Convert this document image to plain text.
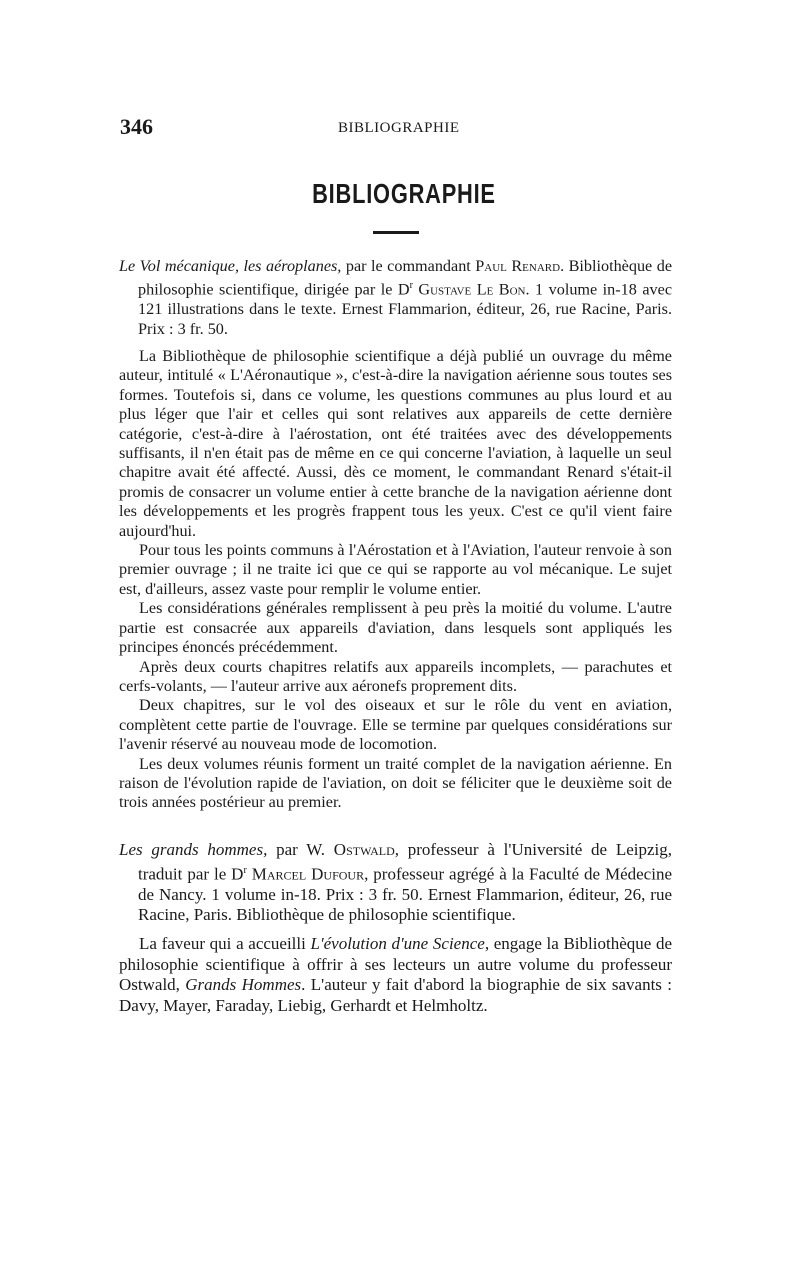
346	BIBLIOGRAPHIE
BIBLIOGRAPHIE

Le Vol mécanique, les aéroplanes, par le commandant Paul Renard. Bibliothèque de philosophie scientifique, dirigée par le $D^r$ Gustave Le Bon. 1 volume in-18 avec 121 illustrations dans le texte. Ernest Flammarion, éditeur, 26, rue Racine, Paris. Prix : 3 fr. 50.

La Bibliothèque de philosophie scientifique a déjà publié un ouvrage du même auteur, intitulé « L'Aéronautique », c'est-à-dire la navigation aérienne sous toutes ses formes. Toutefois si, dans ce volume, les questions communes au plus lourd et au plus léger que l'air et celles qui sont relatives aux appareils de cette dernière catégorie, c'est-à-dire à l'aérostation, ont été traitées avec des développements suffisants, il n'en était pas de même en ce qui concerne l'aviation, à laquelle un seul chapitre avait été affecté. Aussi, dès ce moment, le commandant Renard s'était-il promis de consacrer un volume entier à cette branche de la navigation aérienne dont les développements et les progrès frappent tous les yeux. C'est ce qu'il vient faire aujourd'hui.

Pour tous les points communs à l'Aérostation et à l'Aviation, l'auteur renvoie à son premier ouvrage ; il ne traite ici que ce qui se rapporte au vol mécanique. Le sujet est, d'ailleurs, assez vaste pour remplir le volume entier.

Les considérations générales remplissent à peu près la moitié du volume. L'autre partie est consacrée aux appareils d'aviation, dans lesquels sont appliqués les principes énoncés précédemment.

Après deux courts chapitres relatifs aux appareils incomplets, — parachutes et cerfs-volants, — l'auteur arrive aux aéronefs proprement dits.

Deux chapitres, sur le vol des oiseaux et sur le rôle du vent en aviation, complètent cette partie de l'ouvrage. Elle se termine par quelques considérations sur l'avenir réservé au nouveau mode de locomotion.

Les deux volumes réunis forment un traité complet de la navigation aérienne. En raison de l'évolution rapide de l'aviation, on doit se féliciter que le deuxième soit de trois années postérieur au premier.

Les grands hommes, par W. Ostwald, professeur à l'Université de Leipzig, traduit par le $D^r$ Marcel Dufour, professeur agrégé à la Faculté de Médecine de Nancy. 1 volume in-18. Prix : 3 fr. 50. Ernest Flammarion, éditeur, 26, rue Racine, Paris. Bibliothèque de philosophie scientifique.

La faveur qui a accueilli L'évolution d'une Science, engage la Bibliothèque de philosophie scientifique à offrir à ses lecteurs un autre volume du professeur Ostwald, Grands Hommes. L'auteur y fait d'abord la biographie de six savants : Davy, Mayer, Faraday, Liebig, Gerhardt et Helmholtz.
